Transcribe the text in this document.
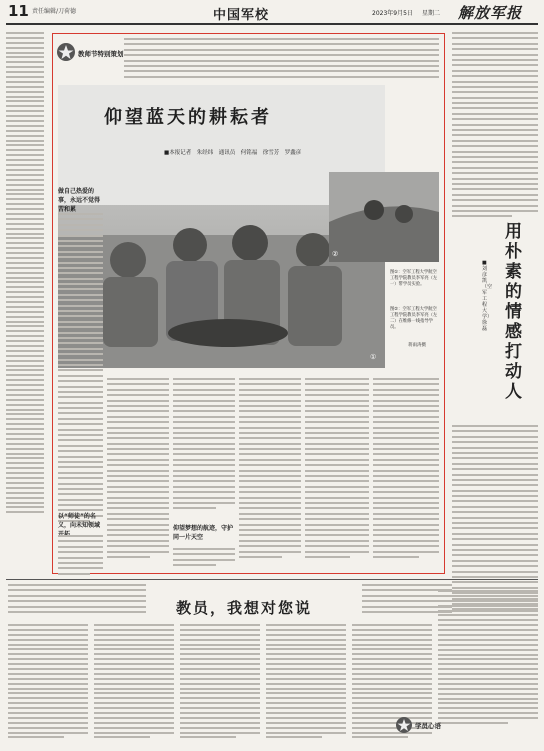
11 责任编辑/刀荷德	中国军校	2023年9月5日 星期二 解放军报
教师节特别策划
①
仰望蓝天的耕耘者
■本报记者　朱经纬　通讯员　何铭福　徐雪芳　罗鑫彦
②
图①：空军工程大学航空工程学院教员李军亮（左一）带学员实验。
图②：空军工程大学航空工程学院教员李军亮（左二）在维修一线指导学员。
蒋雨涛摄
做自己热爱的事，永远不觉得苦和累
以“师徒”的名义，向未知领域	仰望梦想的航迹，守护同一片天空
用朴素的情感打动人
■刘彦凯（空军工程大学）　徐　磊
教员，我想对您说
学员心语
